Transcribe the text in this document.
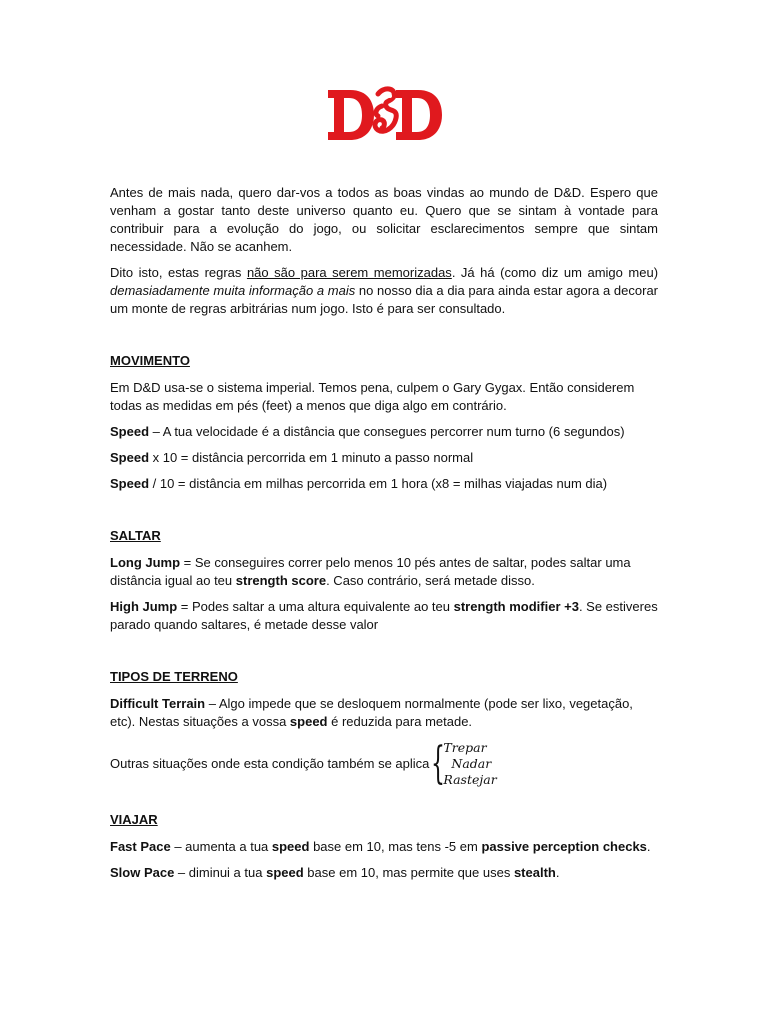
Antes de mais nada, quero dar-vos a todos as boas vindas ao mundo de D&D. Espero que venham a gostar tanto deste universo quanto eu. Quero que se sintam à vontade para contribuir para a evolução do jogo, ou solicitar esclarecimentos sempre que sintam necessidade. Não se acanhem.

Dito isto, estas regras não são para serem memorizadas. Já há (como diz um amigo meu) demasiadamente muita informação a mais no nosso dia a dia para ainda estar agora a decorar um monte de regras arbitrárias num jogo. Isto é para ser consultado.

MOVIMENTO

Em D&D usa-se o sistema imperial. Temos pena, culpem o Gary Gygax. Então considerem todas as medidas em pés (feet) a menos que diga algo em contrário.

Speed – A tua velocidade é a distância que consegues percorrer num turno (6 segundos)

Speed x 10 = distância percorrida em 1 minuto a passo normal

Speed / 10 = distância em milhas percorrida em 1 hora (x8 = milhas viajadas num dia)

SALTAR

Long Jump = Se conseguires correr pelo menos 10 pés antes de saltar, podes saltar uma distância igual ao teu strength score. Caso contrário, será metade disso.

High Jump = Podes saltar a uma altura equivalente ao teu strength modifier +3. Se estiveres parado quando saltares, é metade desse valor

TIPOS DE TERRENO

Difficult Terrain – Algo impede que se desloquem normalmente (pode ser lixo, vegetação, etc). Nestas situações a vossa speed é reduzida para metade.

Outras situações onde esta condição também se aplica {
Trepar
Nadar
Rastejar
VIAJAR

Fast Pace – aumenta a tua speed base em 10, mas tens -5 em passive perception checks.

Slow Pace – diminui a tua speed base em 10, mas permite que uses stealth.
